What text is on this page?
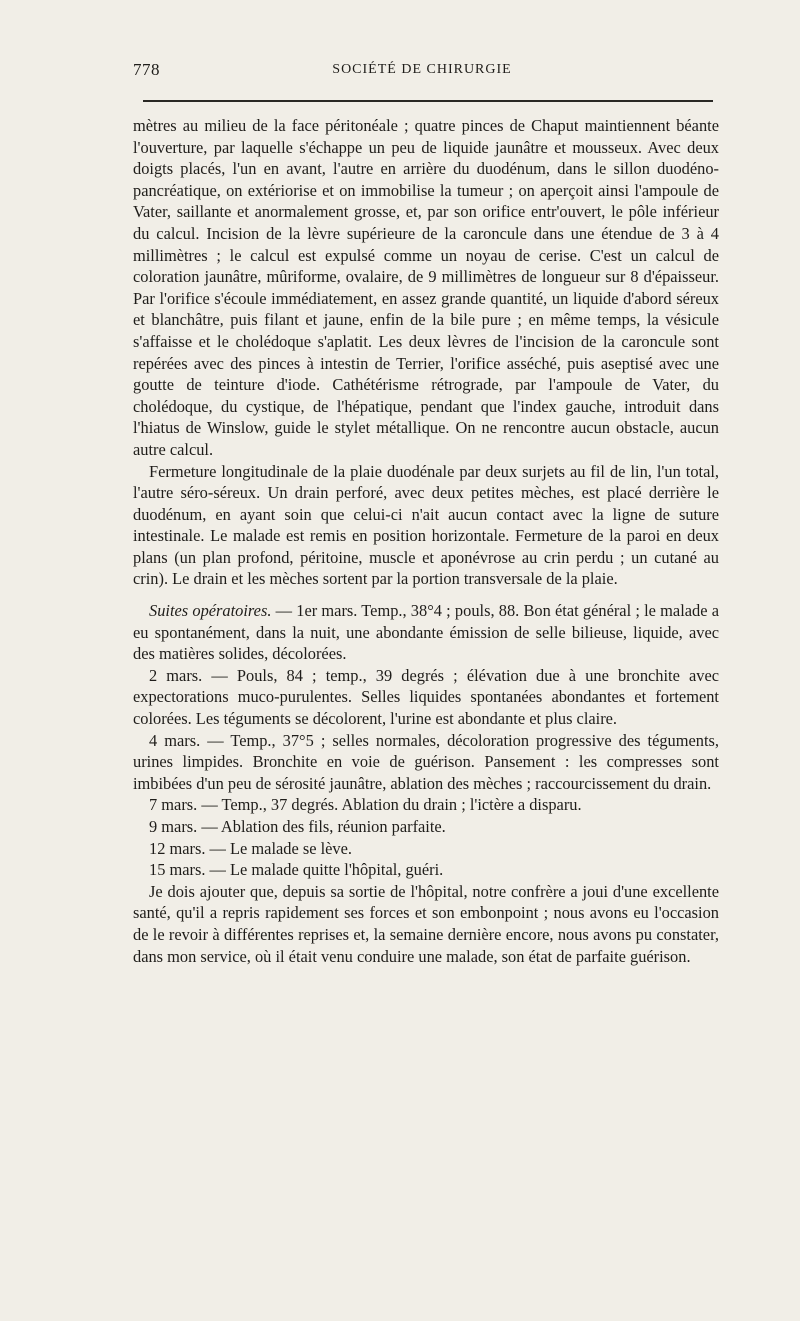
778	SOCIÉTÉ DE CHIRURGIE

mètres au milieu de la face péritonéale ; quatre pinces de Chaput maintiennent béante l'ouverture, par laquelle s'échappe un peu de liquide jaunâtre et mousseux. Avec deux doigts placés, l'un en avant, l'autre en arrière du duodénum, dans le sillon duodéno-pancréatique, on extériorise et on immobilise la tumeur ; on aperçoit ainsi l'ampoule de Vater, saillante et anormalement grosse, et, par son orifice entr'ouvert, le pôle inférieur du calcul. Incision de la lèvre supérieure de la caroncule dans une étendue de 3 à 4 millimètres ; le calcul est expulsé comme un noyau de cerise. C'est un calcul de coloration jaunâtre, mûriforme, ovalaire, de 9 millimètres de longueur sur 8 d'épaisseur. Par l'orifice s'écoule immédiatement, en assez grande quantité, un liquide d'abord séreux et blanchâtre, puis filant et jaune, enfin de la bile pure ; en même temps, la vésicule s'affaisse et le cholédoque s'aplatit. Les deux lèvres de l'incision de la caroncule sont repérées avec des pinces à intestin de Terrier, l'orifice asséché, puis aseptisé avec une goutte de teinture d'iode. Cathétérisme rétrograde, par l'ampoule de Vater, du cholédoque, du cystique, de l'hépatique, pendant que l'index gauche, introduit dans l'hiatus de Winslow, guide le stylet métallique. On ne rencontre aucun obstacle, aucun autre calcul.

Fermeture longitudinale de la plaie duodénale par deux surjets au fil de lin, l'un total, l'autre séro-séreux. Un drain perforé, avec deux petites mèches, est placé derrière le duodénum, en ayant soin que celui-ci n'ait aucun contact avec la ligne de suture intestinale. Le malade est remis en position horizontale. Fermeture de la paroi en deux plans (un plan profond, péritoine, muscle et aponévrose au crin perdu ; un cutané au crin). Le drain et les mèches sortent par la portion transversale de la plaie.

Suites opératoires. — 1er mars. Temp., 38°4 ; pouls, 88. Bon état général ; le malade a eu spontanément, dans la nuit, une abondante émission de selle bilieuse, liquide, avec des matières solides, décolorées.

2 mars. — Pouls, 84 ; temp., 39 degrés ; élévation due à une bronchite avec expectorations muco-purulentes. Selles liquides spontanées abondantes et fortement colorées. Les téguments se décolorent, l'urine est abondante et plus claire.

4 mars. — Temp., 37°5 ; selles normales, décoloration progressive des téguments, urines limpides. Bronchite en voie de guérison. Pansement : les compresses sont imbibées d'un peu de sérosité jaunâtre, ablation des mèches ; raccourcissement du drain.

7 mars. — Temp., 37 degrés. Ablation du drain ; l'ictère a disparu.

9 mars. — Ablation des fils, réunion parfaite.

12 mars. — Le malade se lève.

15 mars. — Le malade quitte l'hôpital, guéri.

Je dois ajouter que, depuis sa sortie de l'hôpital, notre confrère a joui d'une excellente santé, qu'il a repris rapidement ses forces et son embonpoint ; nous avons eu l'occasion de le revoir à différentes reprises et, la semaine dernière encore, nous avons pu constater, dans mon service, où il était venu conduire une malade, son état de parfaite guérison.
